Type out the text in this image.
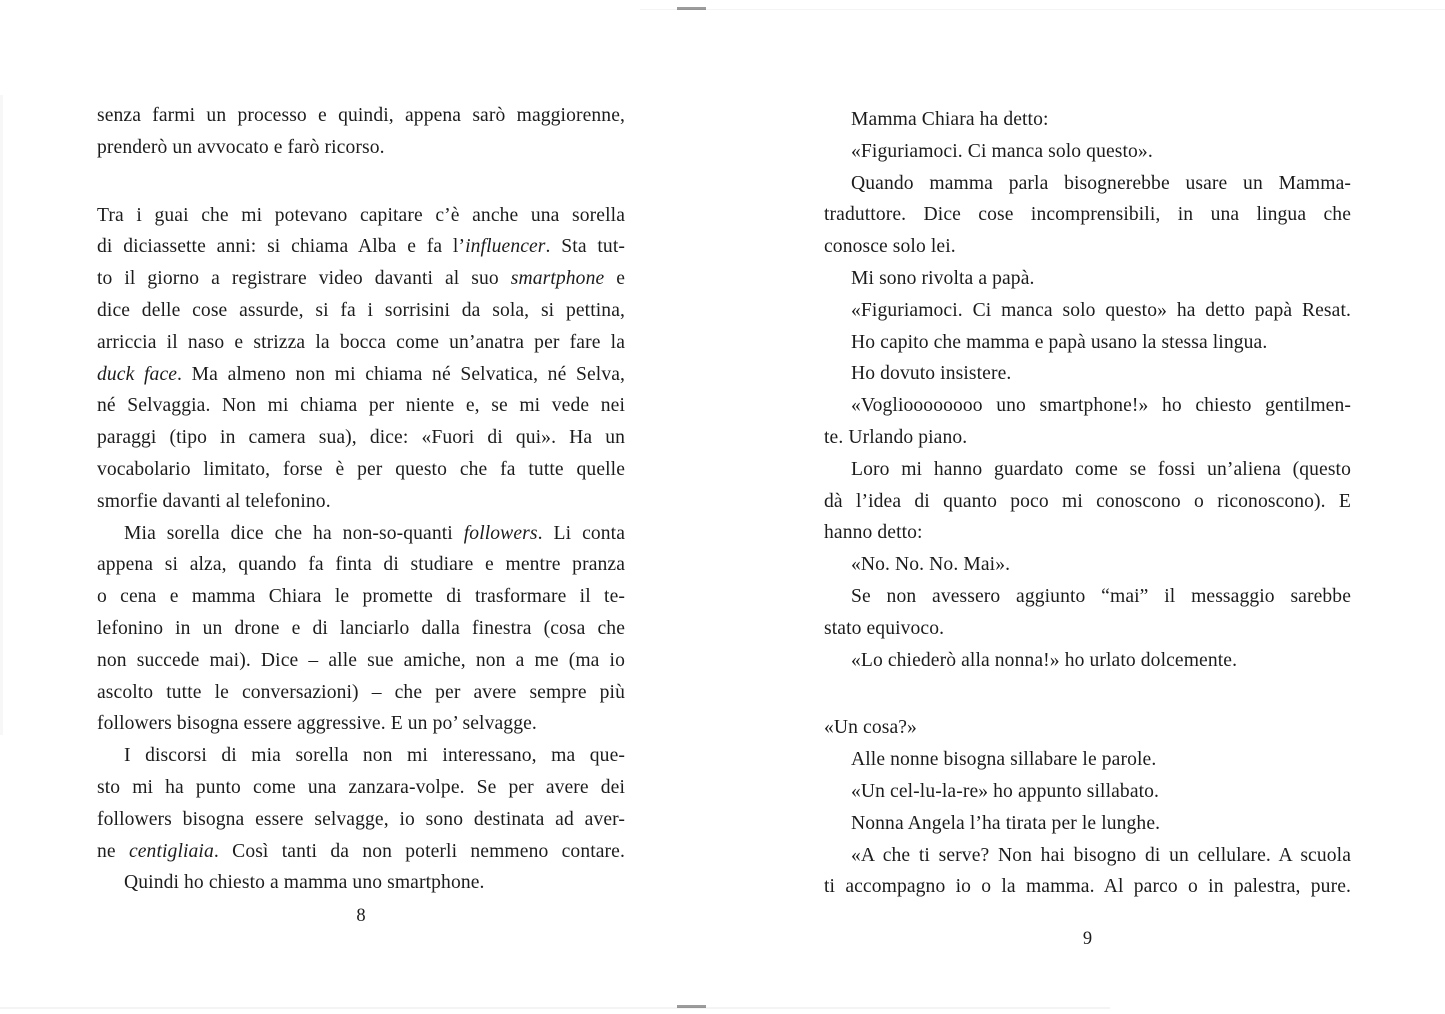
senza farmi un processo e quindi, appena sarò maggiorenne,
prenderò un avvocato e farò ricorso.
Tra i guai che mi potevano capitare c’è anche una sorella
di diciassette anni: si chiama Alba e fa l’influencer. Sta tut-
to il giorno a registrare video davanti al suo smartphone e
dice delle cose assurde, si fa i sorrisini da sola, si pettina,
arriccia il naso e strizza la bocca come un’anatra per fare la
duck face. Ma almeno non mi chiama né Selvatica, né Selva,
né Selvaggia. Non mi chiama per niente e, se mi vede nei
paraggi (tipo in camera sua), dice: «Fuori di qui». Ha un
vocabolario limitato, forse è per questo che fa tutte quelle
smorfie davanti al telefonino.
Mia sorella dice che ha non-so-quanti followers. Li conta
appena si alza, quando fa finta di studiare e mentre pranza
o cena e mamma Chiara le promette di trasformare il te-
lefonino in un drone e di lanciarlo dalla finestra (cosa che
non succede mai). Dice – alle sue amiche, non a me (ma io
ascolto tutte le conversazioni) – che per avere sempre più
followers bisogna essere aggressive. E un po’ selvagge.
I discorsi di mia sorella non mi interessano, ma que-
sto mi ha punto come una zanzara-volpe. Se per avere dei
followers bisogna essere selvagge, io sono destinata ad aver-
ne centigliaia. Così tanti da non poterli nemmeno contare.
Quindi ho chiesto a mamma uno smartphone.
Mamma Chiara ha detto:
«Figuriamoci. Ci manca solo questo».
Quando mamma parla bisognerebbe usare un Mamma-
traduttore. Dice cose incomprensibili, in una lingua che
conosce solo lei.
Mi sono rivolta a papà.
«Figuriamoci. Ci manca solo questo» ha detto papà Resat.
Ho capito che mamma e papà usano la stessa lingua.
Ho dovuto insistere.
«Voglioooooooo uno smartphone!» ho chiesto gentilmen-
te. Urlando piano.
Loro mi hanno guardato come se fossi un’aliena (questo
dà l’idea di quanto poco mi conoscono o riconoscono). E
hanno detto:
«No. No. No. Mai».
Se non avessero aggiunto “mai” il messaggio sarebbe
stato equivoco.
«Lo chiederò alla nonna!» ho urlato dolcemente.
«Un cosa?»
Alle nonne bisogna sillabare le parole.
«Un cel-lu-la-re» ho appunto sillabato.
Nonna Angela l’ha tirata per le lunghe.
«A che ti serve? Non hai bisogno di un cellulare. A scuola
ti accompagno io o la mamma. Al parco o in palestra, pure.
8
9
